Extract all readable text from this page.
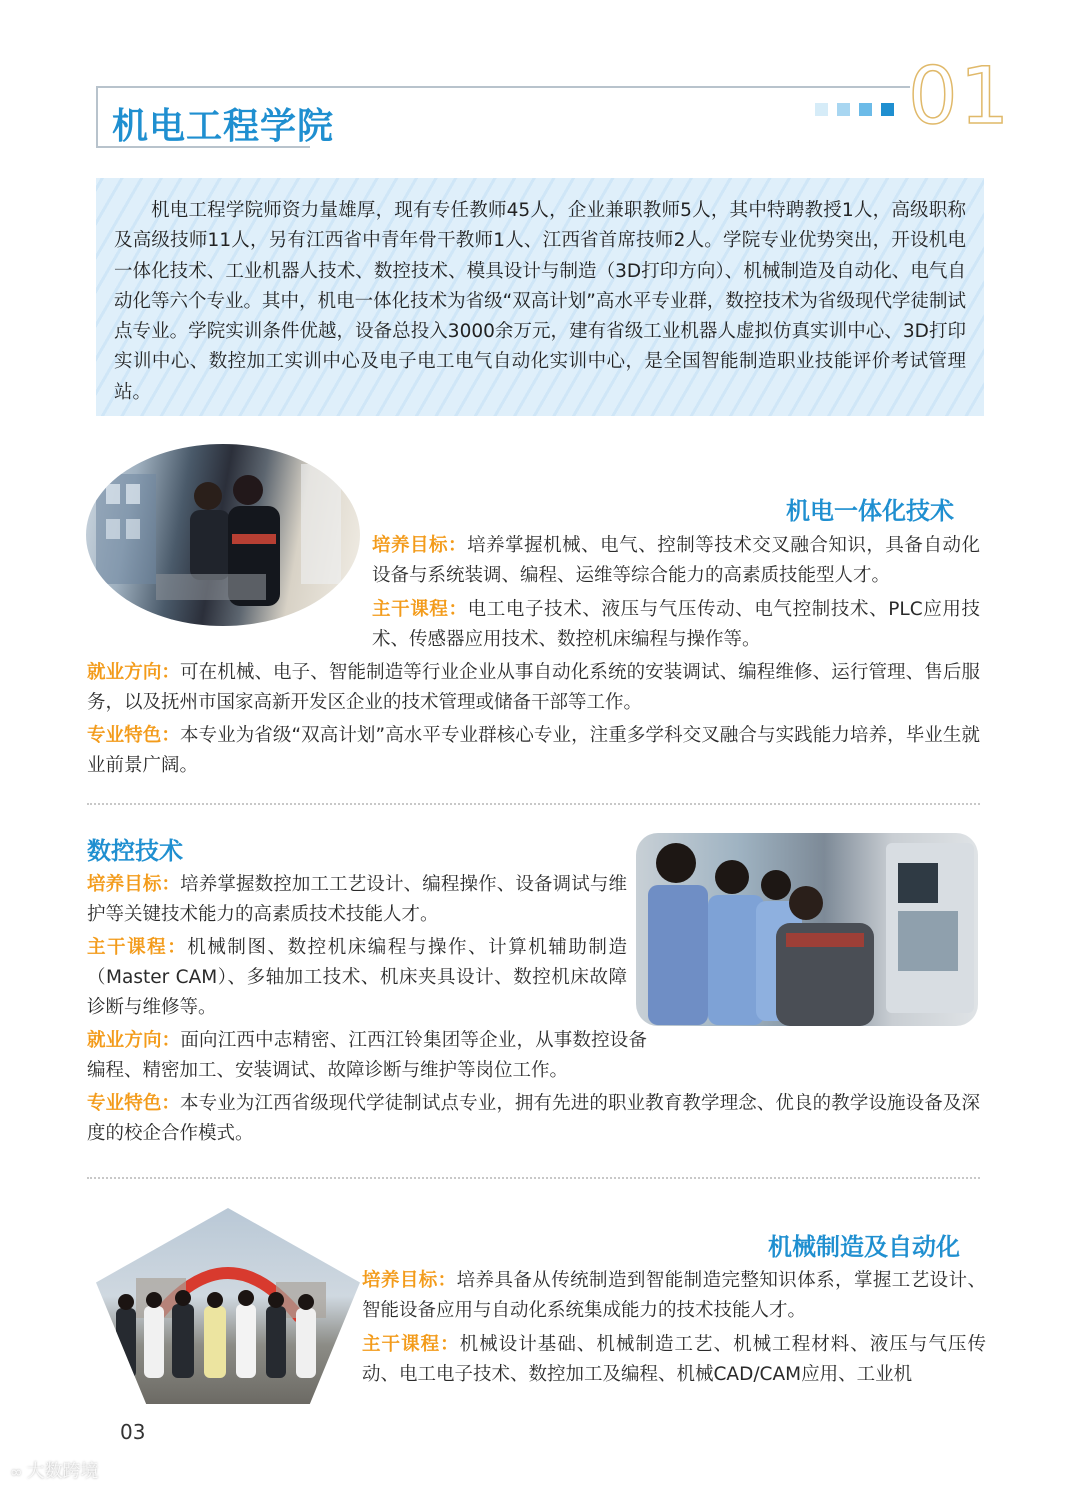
机电工程学院	01
机电工程学院师资力量雄厚，现有专任教师45人，企业兼职教师5人，其中特聘教授1人，高级职称及高级技师11人，另有江西省中青年骨干教师1人、江西省首席技师2人。学院专业优势突出，开设机电一体化技术、工业机器人技术、数控技术、模具设计与制造（3D打印方向）、机械制造及自动化、电气自动化等六个专业。其中，机电一体化技术为省级“双高计划”高水平专业群，数控技术为省级现代学徒制试点专业。学院实训条件优越，设备总投入3000余万元，建有省级工业机器人虚拟仿真实训中心、3D打印实训中心、数控加工实训中心及电子电工电气自动化实训中心，是全国智能制造职业技能评价考试管理站。
机电一体化技术
培养目标：培养掌握机械、电气、控制等技术交叉融合知识，具备自动化设备与系统装调、编程、运维等综合能力的高素质技能型人才。
主干课程：电工电子技术、液压与气压传动、电气控制技术、PLC应用技术、传感器应用技术、数控机床编程与操作等。
就业方向：可在机械、电子、智能制造等行业企业从事自动化系统的安装调试、编程维修、运行管理、售后服务，以及抚州市国家高新开发区企业的技术管理或储备干部等工作。
专业特色：本专业为省级“双高计划”高水平专业群核心专业，注重多学科交叉融合与实践能力培养，毕业生就业前景广阔。
数控技术
培养目标：培养掌握数控加工工艺设计、编程操作、设备调试与维护等关键技术能力的高素质技术技能人才。
主干课程：机械制图、数控机床编程与操作、计算机辅助制造（Master CAM）、多轴加工技术、机床夹具设计、数控机床故障诊断与维修等。
就业方向：面向江西中志精密、江西江铃集团等企业，从事数控设备编程、精密加工、安装调试、故障诊断与维护等岗位工作。
专业特色：本专业为江西省级现代学徒制试点专业，拥有先进的职业教育教学理念、优良的教学设施设备及深度的校企合作模式。
机械制造及自动化
培养目标：培养具备从传统制造到智能制造完整知识体系，掌握工艺设计、智能设备应用与自动化系统集成能力的技术技能人才。
主干课程：机械设计基础、机械制造工艺、机械工程材料、液压与气压传动、电工电子技术、数控加工及编程、机械CAD/CAM应用、工业机
03
∞ 大数跨境
